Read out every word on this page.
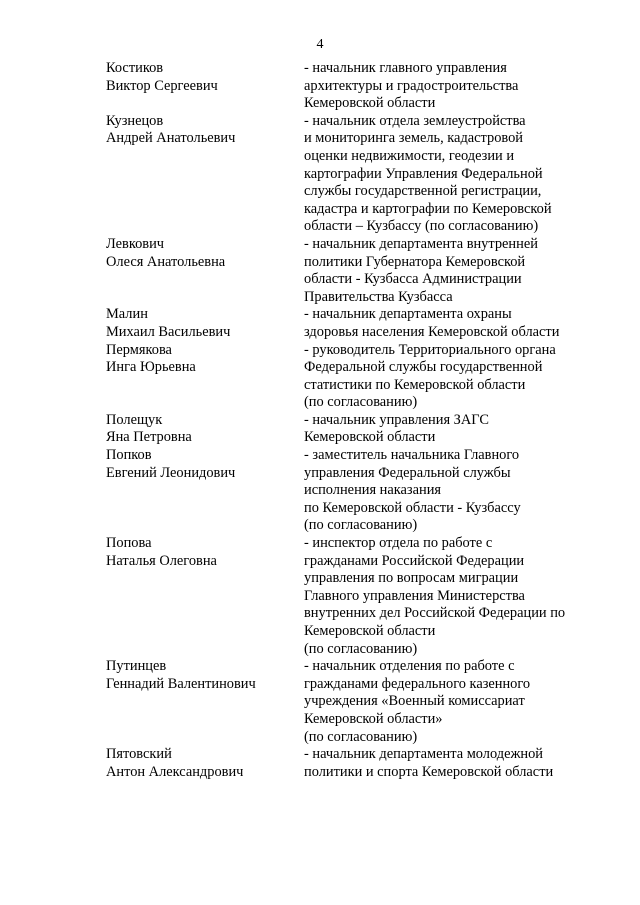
4
Костиков
Виктор Сергеевич
- начальник главного управления
архитектуры и градостроительства
Кемеровской области
Кузнецов
Андрей Анатольевич
- начальник отдела землеустройства
и мониторинга земель, кадастровой
оценки недвижимости, геодезии и
картографии Управления Федеральной
службы государственной регистрации,
кадастра и картографии по Кемеровской
области – Кузбассу (по согласованию)
Левкович
Олеся Анатольевна
- начальник департамента внутренней
политики Губернатора Кемеровской
области - Кузбасса Администрации
Правительства Кузбасса
Малин
Михаил Васильевич
- начальник департамента охраны
здоровья населения Кемеровской области
Пермякова
Инга Юрьевна
- руководитель Территориального органа
Федеральной службы государственной
статистики по Кемеровской области
(по согласованию)
Полещук
Яна Петровна
- начальник управления ЗАГС
Кемеровской области
Попков
Евгений Леонидович
- заместитель начальника Главного
управления Федеральной службы
исполнения наказания
по Кемеровской области - Кузбассу
(по согласованию)
Попова
Наталья Олеговна
- инспектор отдела по работе с
гражданами Российской Федерации
управления по вопросам миграции
Главного управления Министерства
внутренних дел Российской Федерации по
Кемеровской области
(по согласованию)
Путинцев
Геннадий Валентинович
- начальник отделения по работе с
гражданами федерального казенного
учреждения «Военный комиссариат
Кемеровской области»
(по согласованию)
Пятовский
Антон Александрович
- начальник департамента молодежной
политики и спорта Кемеровской области
